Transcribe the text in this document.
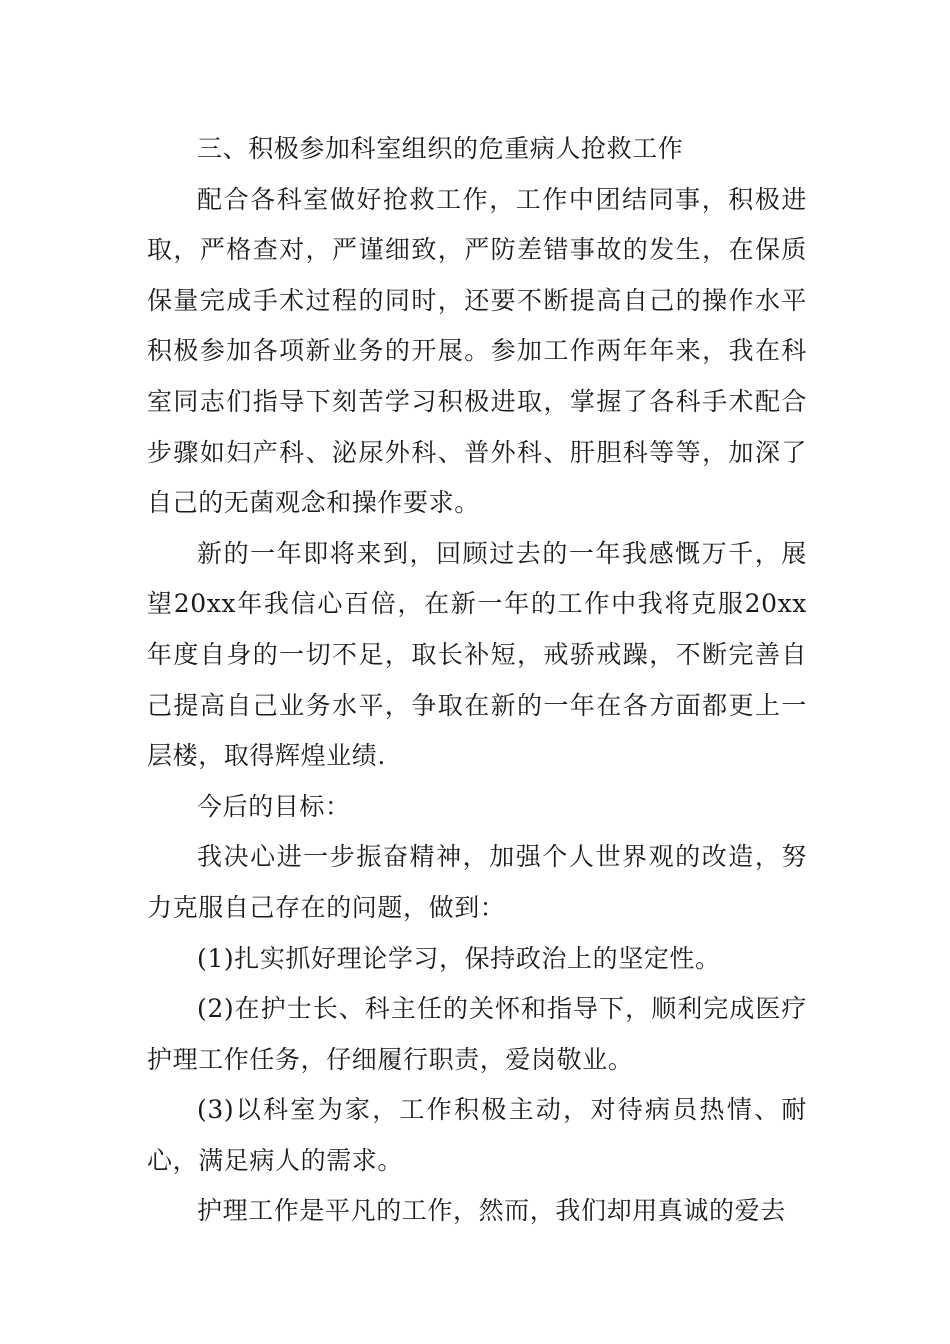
三、积极参加科室组织的危重病人抢救工作

配合各科室做好抢救工作，工作中团结同事，积极进取，严格查对，严谨细致，严防差错事故的发生，在保质保量完成手术过程的同时，还要不断提高自己的操作水平积极参加各项新业务的开展。参加工作两年年来，我在科室同志们指导下刻苦学习积极进取，掌握了各科手术配合步骤如妇产科、泌尿外科、普外科、肝胆科等等，加深了自己的无菌观念和操作要求。

新的一年即将来到，回顾过去的一年我感慨万千，展望20xx年我信心百倍，在新一年的工作中我将克服20xx年度自身的一切不足，取长补短，戒骄戒躁，不断完善自己提高自己业务水平，争取在新的一年在各方面都更上一层楼，取得辉煌业绩.

今后的目标：

我决心进一步振奋精神，加强个人世界观的改造，努力克服自己存在的问题，做到：

(1)扎实抓好理论学习，保持政治上的坚定性。

(2)在护士长、科主任的关怀和指导下，顺利完成医疗护理工作任务，仔细履行职责，爱岗敬业。

(3)以科室为家，工作积极主动，对待病员热情、耐心，满足病人的需求。

护理工作是平凡的工作，然而，我们却用真诚的爱去
